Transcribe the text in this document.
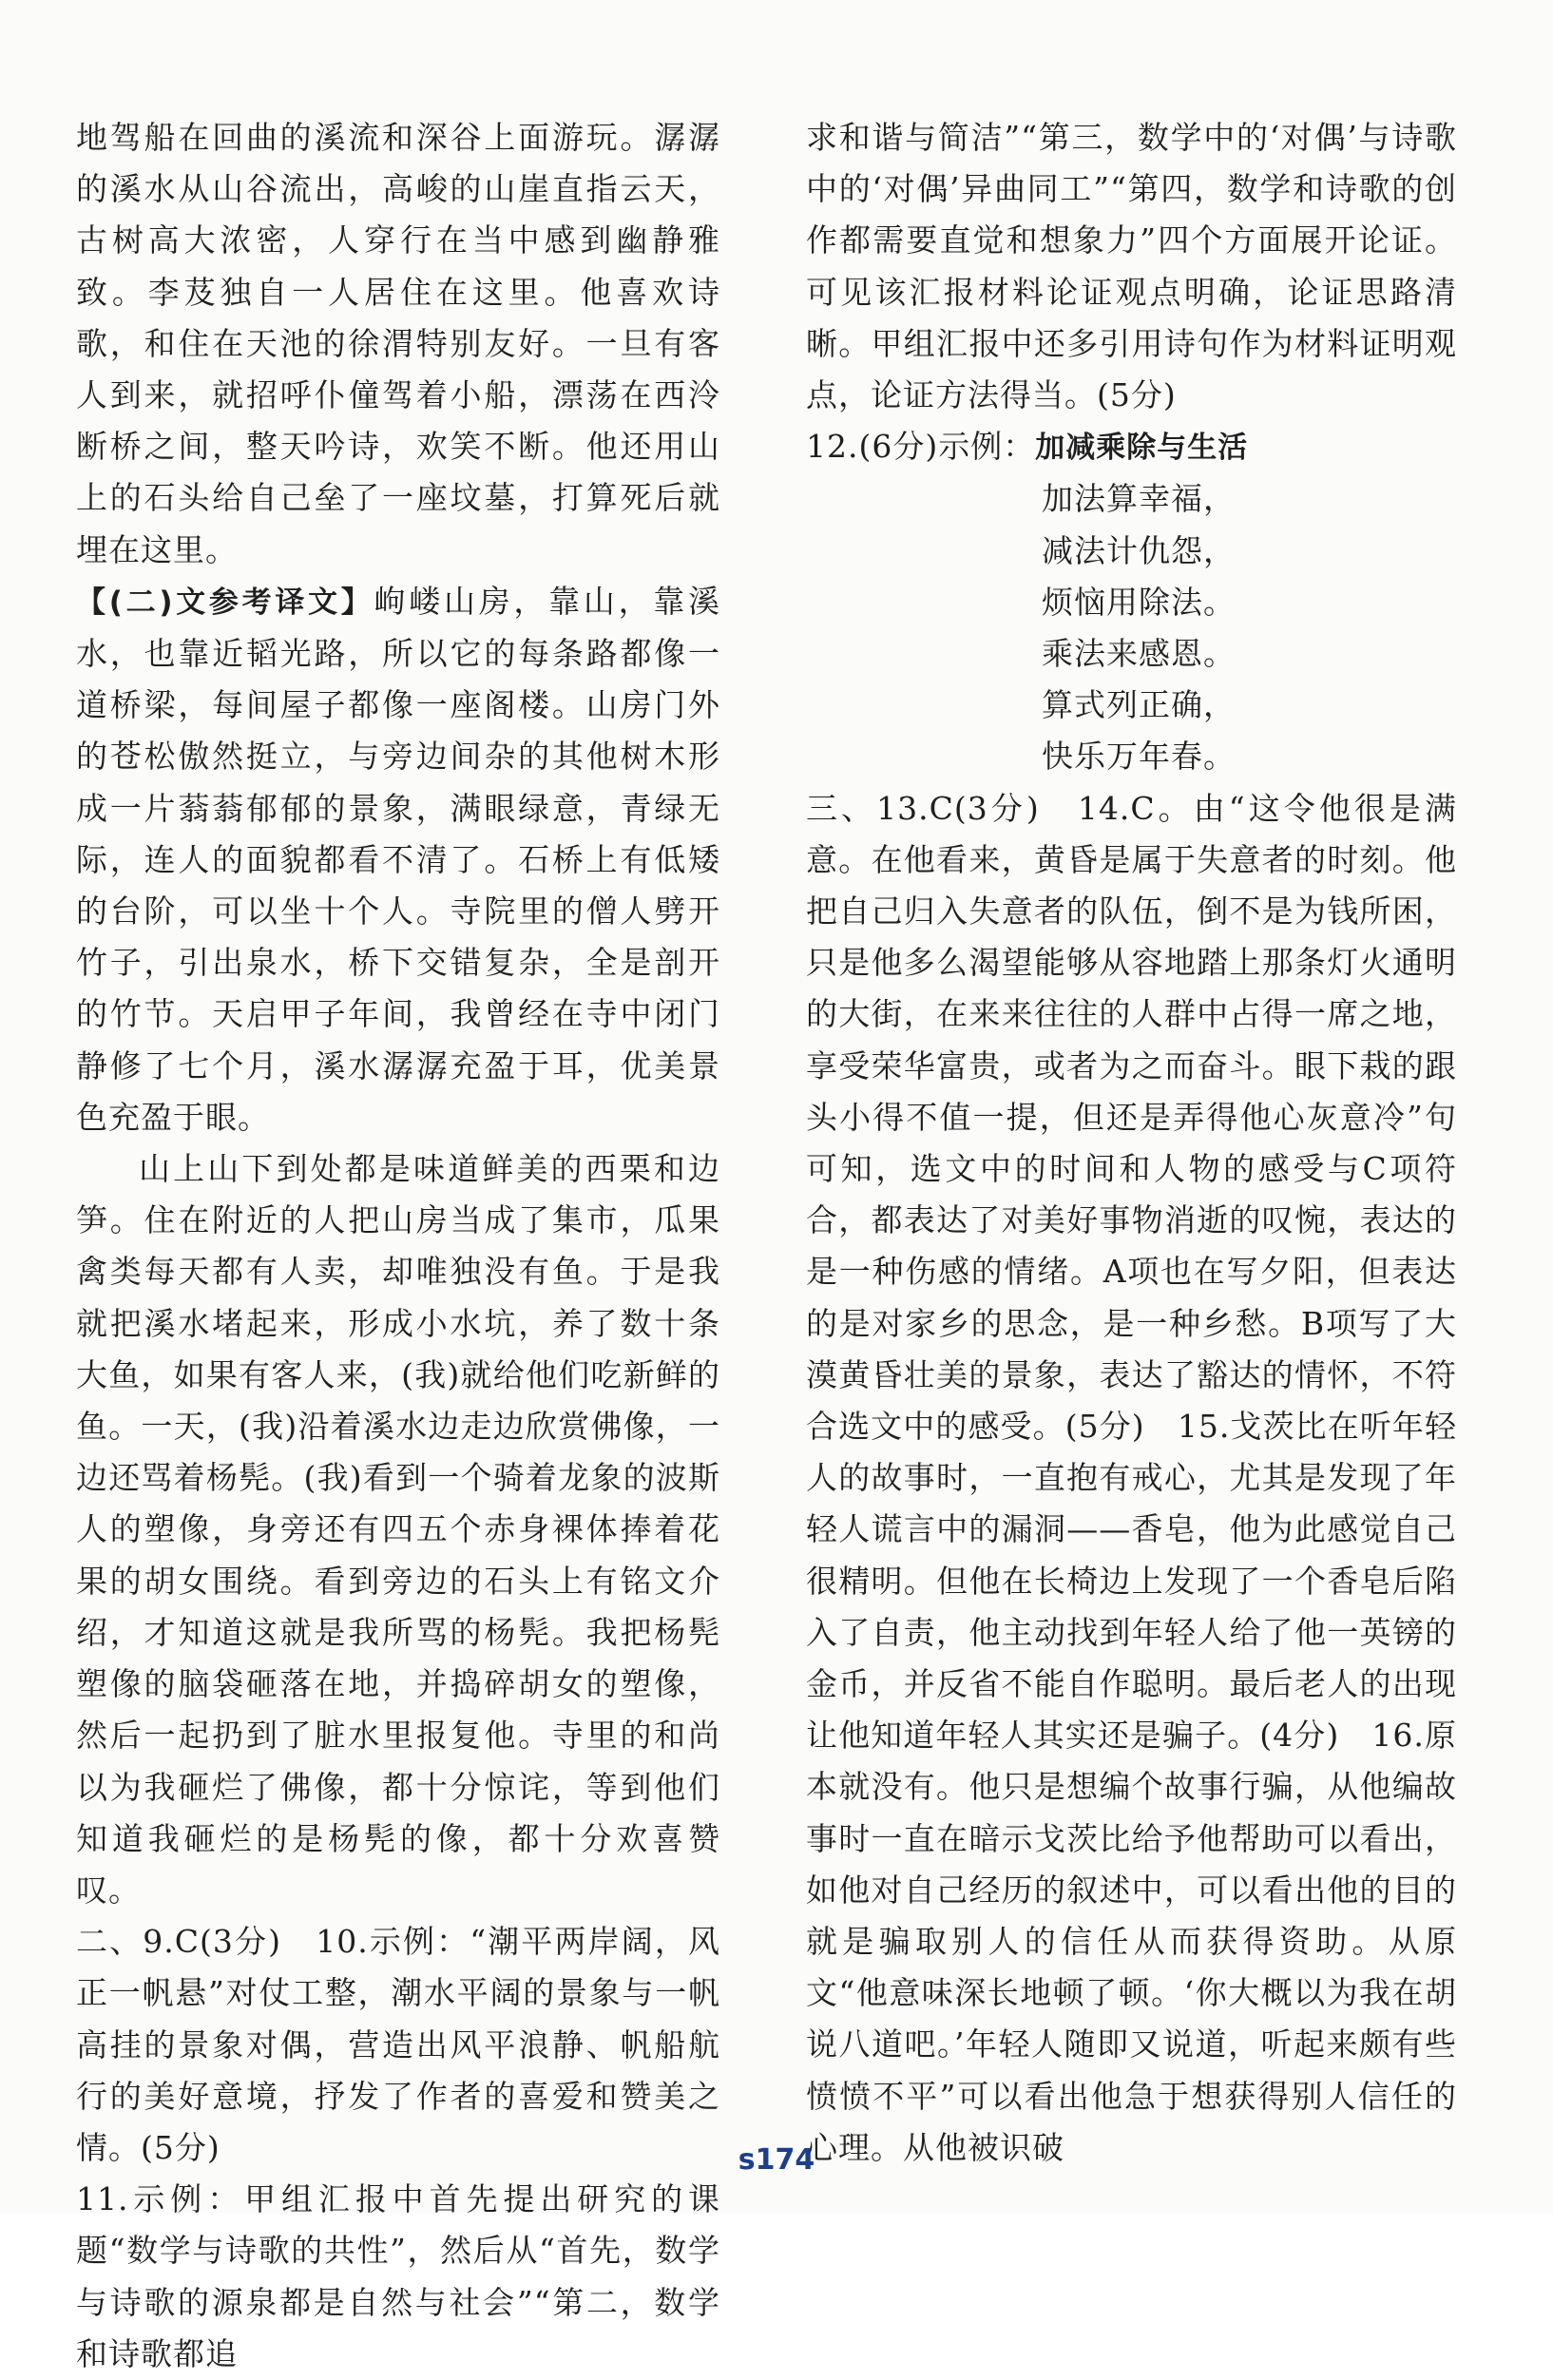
地驾船在回曲的溪流和深谷上面游玩。潺潺的溪水从山谷流出，高峻的山崖直指云天，古树高大浓密，人穿行在当中感到幽静雅致。李芨独自一人居住在这里。他喜欢诗歌，和住在天池的徐渭特别友好。一旦有客人到来，就招呼仆僮驾着小船，漂荡在西泠断桥之间，整天吟诗，欢笑不断。他还用山上的石头给自己垒了一座坟墓，打算死后就埋在这里。

【(二)文参考译文】岣嵝山房，靠山，靠溪水，也靠近韬光路，所以它的每条路都像一道桥梁，每间屋子都像一座阁楼。山房门外的苍松傲然挺立，与旁边间杂的其他树木形成一片蓊蓊郁郁的景象，满眼绿意，青绿无际，连人的面貌都看不清了。石桥上有低矮的台阶，可以坐十个人。寺院里的僧人劈开竹子，引出泉水，桥下交错复杂，全是剖开的竹节。天启甲子年间，我曾经在寺中闭门静修了七个月，溪水潺潺充盈于耳，优美景色充盈于眼。

山上山下到处都是味道鲜美的西栗和边笋。住在附近的人把山房当成了集市，瓜果禽类每天都有人卖，却唯独没有鱼。于是我就把溪水堵起来，形成小水坑，养了数十条大鱼，如果有客人来，(我)就给他们吃新鲜的鱼。一天，(我)沿着溪水边走边欣赏佛像，一边还骂着杨髡。(我)看到一个骑着龙象的波斯人的塑像，身旁还有四五个赤身裸体捧着花果的胡女围绕。看到旁边的石头上有铭文介绍，才知道这就是我所骂的杨髡。我把杨髡塑像的脑袋砸落在地，并捣碎胡女的塑像，然后一起扔到了脏水里报复他。寺里的和尚以为我砸烂了佛像，都十分惊诧，等到他们知道我砸烂的是杨髡的像，都十分欢喜赞叹。

二、9.C(3分)　10.示例：“潮平两岸阔，风正一帆悬”对仗工整，潮水平阔的景象与一帆高挂的景象对偶，营造出风平浪静、帆船航行的美好意境，抒发了作者的喜爱和赞美之情。(5分)

11.示例：甲组汇报中首先提出研究的课题“数学与诗歌的共性”，然后从“首先，数学与诗歌的源泉都是自然与社会”“第二，数学和诗歌都追

求和谐与简洁”“第三，数学中的‘对偶’与诗歌中的‘对偶’异曲同工”“第四，数学和诗歌的创作都需要直觉和想象力”四个方面展开论证。可见该汇报材料论证观点明确，论证思路清晰。甲组汇报中还多引用诗句作为材料证明观点，论证方法得当。(5分)

12.(6分)示例：加减乘除与生活

加法算幸福，
减法计仇怨，
烦恼用除法。
乘法来感恩。
算式列正确，
快乐万年春。

三、13.C(3分)　14.C。由“这令他很是满意。在他看来，黄昏是属于失意者的时刻。他把自己归入失意者的队伍，倒不是为钱所困，只是他多么渴望能够从容地踏上那条灯火通明的大街，在来来往往的人群中占得一席之地，享受荣华富贵，或者为之而奋斗。眼下栽的跟头小得不值一提，但还是弄得他心灰意冷”句可知，选文中的时间和人物的感受与C项符合，都表达了对美好事物消逝的叹惋，表达的是一种伤感的情绪。A项也在写夕阳，但表达的是对家乡的思念，是一种乡愁。B项写了大漠黄昏壮美的景象，表达了豁达的情怀，不符合选文中的感受。(5分)　15.戈茨比在听年轻人的故事时，一直抱有戒心，尤其是发现了年轻人谎言中的漏洞——香皂，他为此感觉自己很精明。但他在长椅边上发现了一个香皂后陷入了自责，他主动找到年轻人给了他一英镑的金币，并反省不能自作聪明。最后老人的出现让他知道年轻人其实还是骗子。(4分)　16.原本就没有。他只是想编个故事行骗，从他编故事时一直在暗示戈茨比给予他帮助可以看出，如他对自己经历的叙述中，可以看出他的目的就是骗取别人的信任从而获得资助。从原文“他意味深长地顿了顿。‘你大概以为我在胡说八道吧。’年轻人随即又说道，听起来颇有些愤愤不平”可以看出他急于想获得别人信任的心理。从他被识破

s174
